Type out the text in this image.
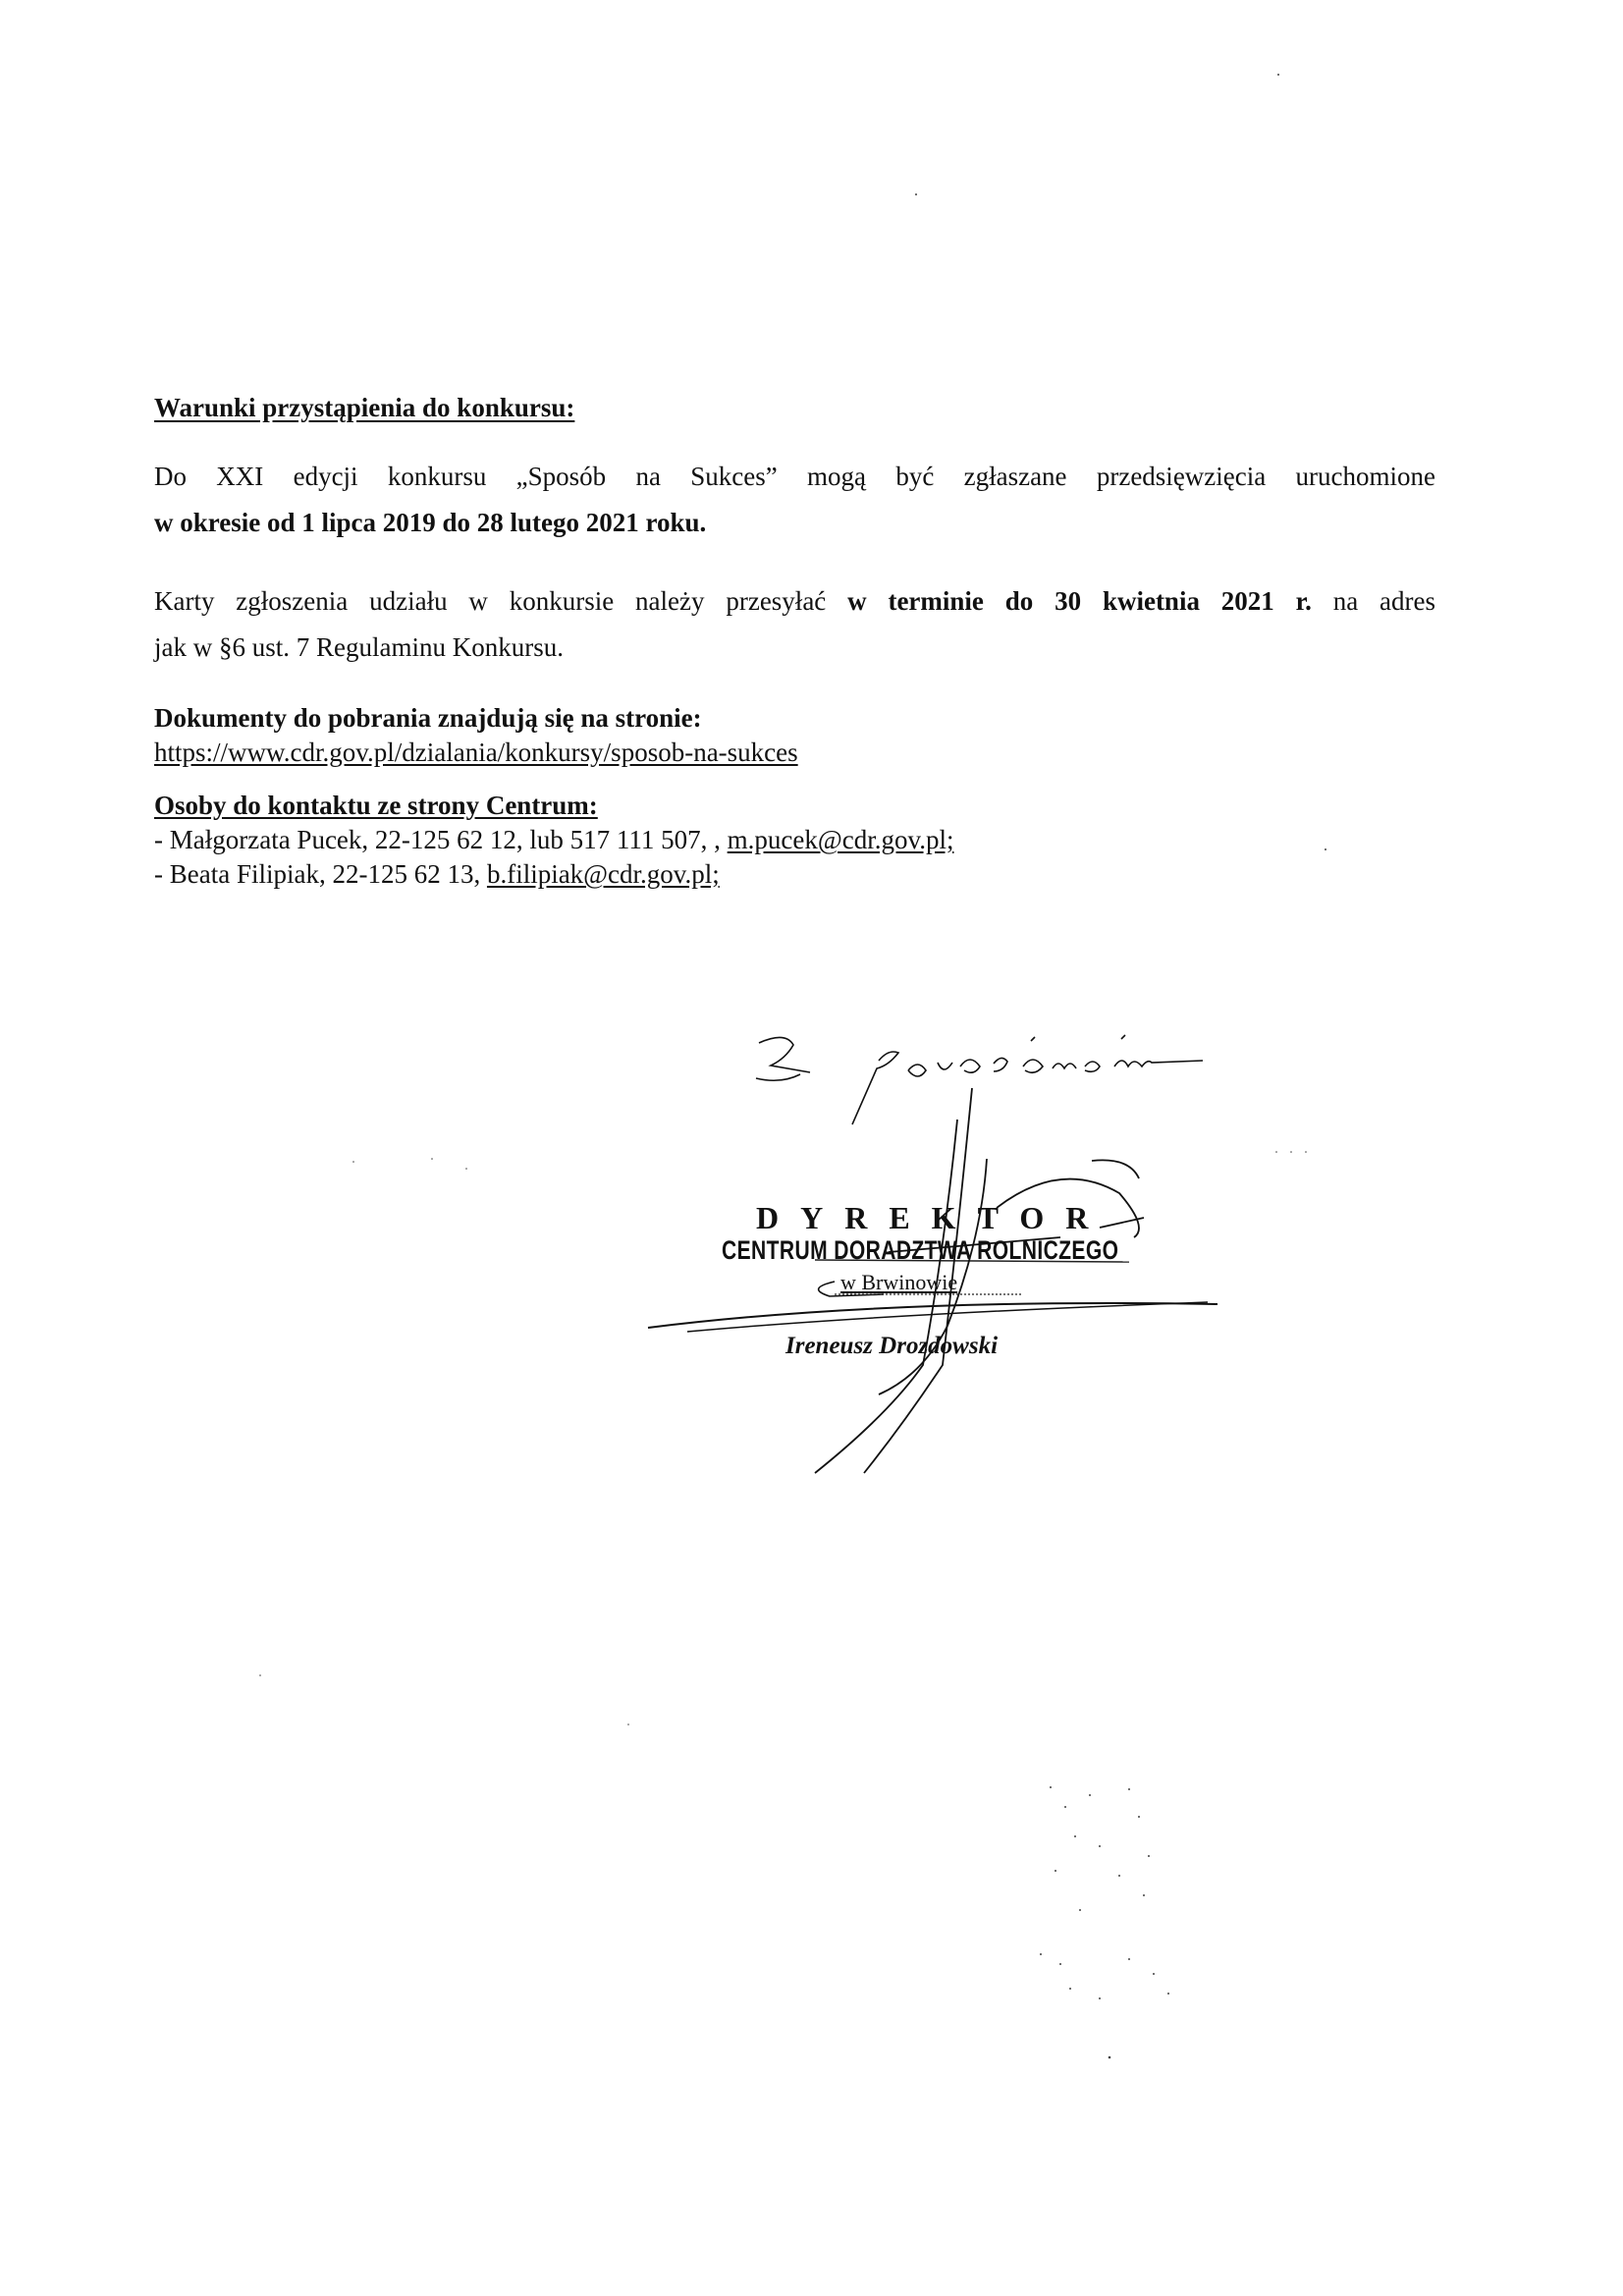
Warunki przystąpienia do konkursu:
Do XXI edycji konkursu „Sposób na Sukces” mogą być zgłaszane przedsięwzięcia uruchomione
w okresie od 1 lipca 2019 do 28 lutego 2021 roku.
Karty zgłoszenia udziału w konkursie należy przesyłać w terminie do 30 kwietnia 2021 r. na adres
jak w §6 ust. 7 Regulaminu Konkursu.
Dokumenty do pobrania znajdują się na stronie:
https://www.cdr.gov.pl/dzialania/konkursy/sposob-na-sukces
Osoby do kontaktu ze strony Centrum:
- Małgorzata Pucek, 22-125 62 12, lub 517 111 507, , m.pucek@cdr.gov.pl;
- Beata Filipiak, 22-125 62 13, b.filipiak@cdr.gov.pl;
DYREKTOR
CENTRUM DORADZTWA ROLNICZEGO
w Brwinowie
Ireneusz Drozdowski
